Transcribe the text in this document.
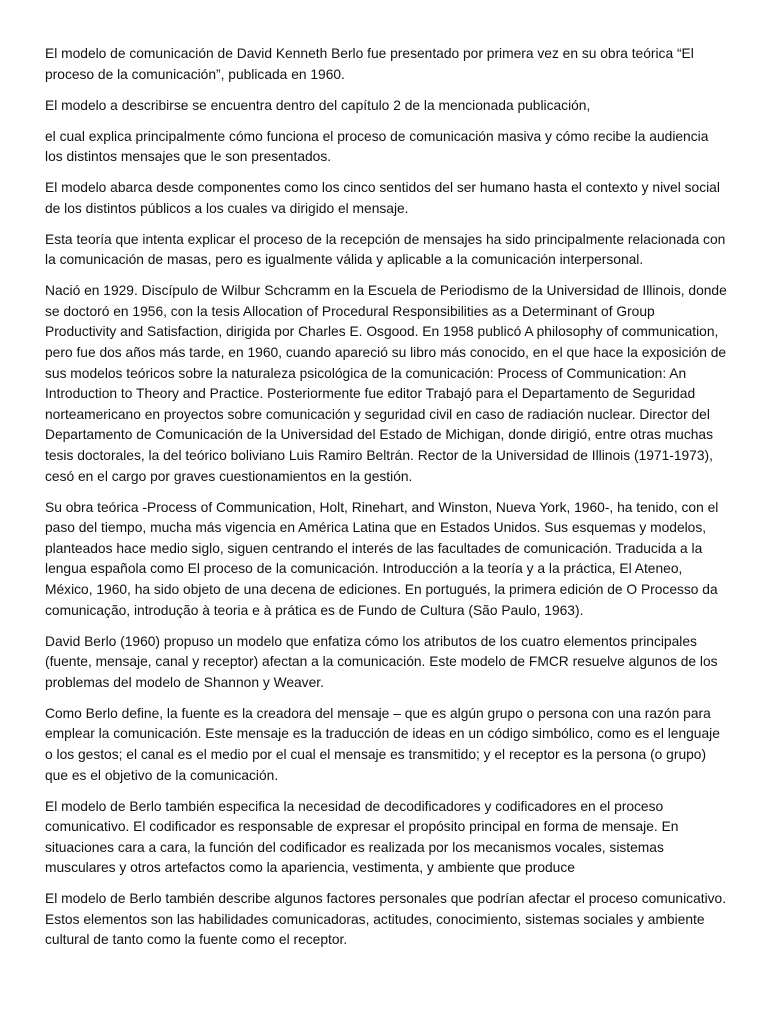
El modelo de comunicación de David Kenneth Berlo fue presentado por primera vez en su obra teórica “El proceso de la comunicación”, publicada en 1960.

El modelo a describirse se encuentra dentro del capítulo 2 de la mencionada publicación,

el cual explica principalmente cómo funciona el proceso de comunicación masiva y cómo recibe la audiencia los distintos mensajes que le son presentados.

El modelo abarca desde componentes como los cinco sentidos del ser humano hasta el contexto y nivel social de los distintos públicos a los cuales va dirigido el mensaje.

Esta teoría que intenta explicar el proceso de la recepción de mensajes ha sido principalmente relacionada con la comunicación de masas, pero es igualmente válida y aplicable a la comunicación interpersonal.

Nació en 1929. Discípulo de Wilbur Schcramm en la Escuela de Periodismo de la Universidad de Illinois, donde se doctoró en 1956, con la tesis Allocation of Procedural Responsibilities as a Determinant of Group Productivity and Satisfaction, dirigida por Charles E. Osgood. En 1958 publicó A philosophy of communication, pero fue dos años más tarde, en 1960, cuando apareció su libro más conocido, en el que hace la exposición de sus modelos teóricos sobre la naturaleza psicológica de la comunicación: Process of Communication: An Introduction to Theory and Practice. Posteriormente fue editor Trabajó para el Departamento de Seguridad norteamericano en proyectos sobre comunicación y seguridad civil en caso de radiación nuclear. Director del Departamento de Comunicación de la Universidad del Estado de Michigan, donde dirigió, entre otras muchas tesis doctorales, la del teórico boliviano Luis Ramiro Beltrán. Rector de la Universidad de Illinois (1971-1973), cesó en el cargo por graves cuestionamientos en la gestión.

Su obra teórica -Process of Communication, Holt, Rinehart, and Winston, Nueva York, 1960-, ha tenido, con el paso del tiempo, mucha más vigencia en América Latina que en Estados Unidos. Sus esquemas y modelos, planteados hace medio siglo, siguen centrando el interés de las facultades de comunicación. Traducida a la lengua española como El proceso de la comunicación. Introducción a la teoría y a la práctica, El Ateneo, México, 1960, ha sido objeto de una decena de ediciones. En portugués, la primera edición de O Processo da comunicação, introdução à teoria e à prática es de Fundo de Cultura (São Paulo, 1963).

David Berlo (1960) propuso un modelo que enfatiza cómo los atributos de los cuatro elementos principales (fuente, mensaje, canal y receptor) afectan a la comunicación. Este modelo de FMCR resuelve algunos de los problemas del modelo de Shannon y Weaver.

Como Berlo define, la fuente es la creadora del mensaje – que es algún grupo o persona con una razón para emplear la comunicación. Este mensaje es la traducción de ideas en un código simbólico, como es el lenguaje o los gestos; el canal es el medio por el cual el mensaje es transmitido; y el receptor es la persona (o grupo) que es el objetivo de la comunicación.

El modelo de Berlo también especifica la necesidad de decodificadores y codificadores en el proceso comunicativo. El codificador es responsable de expresar el propósito principal en forma de mensaje. En situaciones cara a cara, la función del codificador es realizada por los mecanismos vocales, sistemas musculares y otros artefactos como la apariencia, vestimenta, y ambiente que produce

El modelo de Berlo también describe algunos factores personales que podrían afectar el proceso comunicativo. Estos elementos son las habilidades comunicadoras, actitudes, conocimiento, sistemas sociales y ambiente cultural de tanto como la fuente como el receptor.
